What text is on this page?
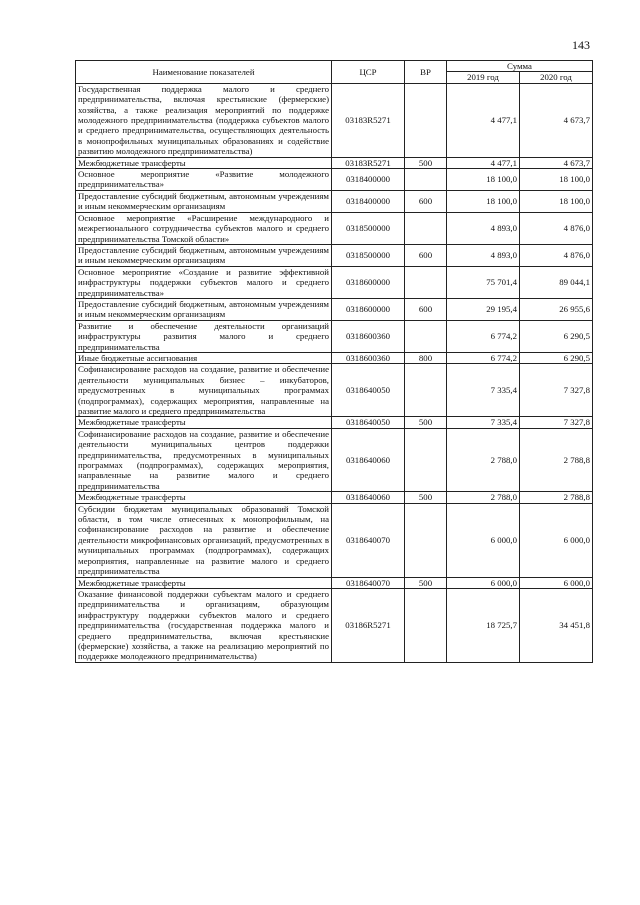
143
Наименование показателей	ЦСР	ВР	Сумма	
			2019 год	2020 год
Государственная поддержка малого и среднего предпринимательства, включая крестьянские (фермерские) хозяйства, а также реализация мероприятий по поддержке молодежного предпринимательства (поддержка субъектов малого и среднего предпринимательства, осуществляющих деятельность в монопрофильных муниципальных образованиях и содействие развитию молодежного предпринимательства)	03183R5271		4 477,1	4 673,7
Межбюджетные трансферты	03183R5271	500	4 477,1	4 673,7
Основное мероприятие «Развитие молодежного предпринимательства»	0318400000		18 100,0	18 100,0
Предоставление субсидий бюджетным, автономным учреждениям и иным некоммерческим организациям	0318400000	600	18 100,0	18 100,0
Основное мероприятие «Расширение международного и межрегионального сотрудничества субъектов малого и среднего предпринимательства Томской области»	0318500000		4 893,0	4 876,0
Предоставление субсидий бюджетным, автономным учреждениям и иным некоммерческим организациям	0318500000	600	4 893,0	4 876,0
Основное мероприятие «Создание и развитие эффективной инфраструктуры поддержки субъектов малого и среднего предпринимательства»	0318600000		75 701,4	89 044,1
Предоставление субсидий бюджетным, автономным учреждениям и иным некоммерческим организациям	0318600000	600	29 195,4	26 955,6
Развитие и обеспечение деятельности организаций инфраструктуры развития малого и среднего предпринимательства	0318600360		6 774,2	6 290,5
Иные бюджетные ассигнования	0318600360	800	6 774,2	6 290,5
Софинансирование расходов на создание, развитие и обеспечение деятельности муниципальных бизнес – инкубаторов, предусмотренных в муниципальных программах (подпрограммах), содержащих мероприятия, направленные на развитие малого и среднего предпринимательства	0318640050		7 335,4	7 327,8
Межбюджетные трансферты	0318640050	500	7 335,4	7 327,8
Софинансирование расходов на создание, развитие и обеспечение деятельности муниципальных центров поддержки предпринимательства, предусмотренных в муниципальных программах (подпрограммах), содержащих мероприятия, направленные на развитие малого и среднего предпринимательства	0318640060		2 788,0	2 788,8
Межбюджетные трансферты	0318640060	500	2 788,0	2 788,8
Субсидии бюджетам муниципальных образований Томской области, в том числе отнесенных к монопрофильным, на софинансирование расходов на развитие и обеспечение деятельности микрофинансовых организаций, предусмотренных в муниципальных программах (подпрограммах), содержащих мероприятия, направленные на развитие малого и среднего предпринимательства	0318640070		6 000,0	6 000,0
Межбюджетные трансферты	0318640070	500	6 000,0	6 000,0
Оказание финансовой поддержки субъектам малого и среднего предпринимательства и организациям, образующим инфраструктуру поддержки субъектов малого и среднего предпринимательства (государственная поддержка малого и среднего предпринимательства, включая крестьянские (фермерские) хозяйства, а также на реализацию мероприятий по поддержке молодежного предпринимательства)	03186R5271		18 725,7	34 451,8
